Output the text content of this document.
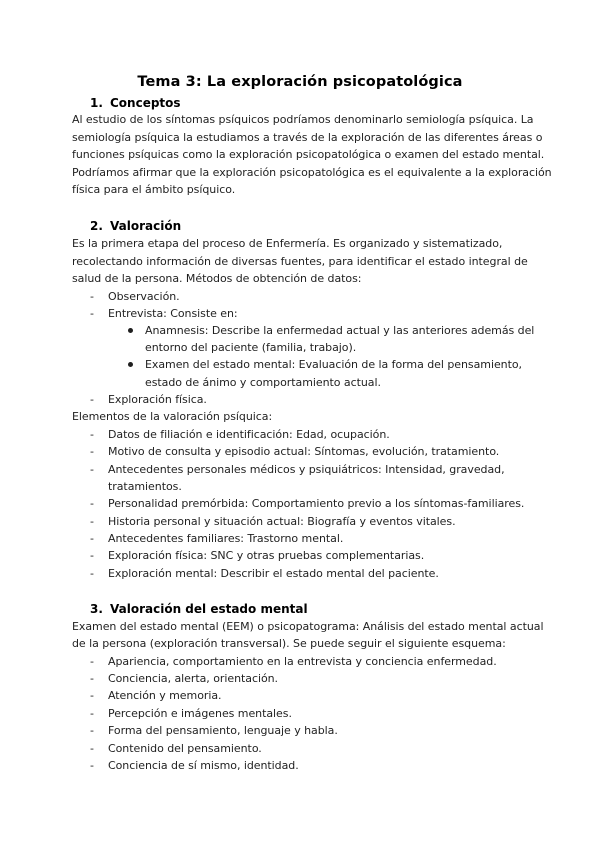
Tema 3: La exploración psicopatológica
1. Conceptos
Al estudio de los síntomas psíquicos podríamos denominarlo semiología psíquica. La
semiología psíquica la estudiamos a través de la exploración de las diferentes áreas o
funciones psíquicas como la exploración psicopatológica o examen del estado mental.
Podríamos afirmar que la exploración psicopatológica es el equivalente a la exploración
física para el ámbito psíquico.
2. Valoración
Es la primera etapa del proceso de Enfermería. Es organizado y sistematizado,
recolectando información de diversas fuentes, para identificar el estado integral de
salud de la persona. Métodos de obtención de datos:
- Observación.
- Entrevista: Consiste en:
Anamnesis: Describe la enfermedad actual y las anteriores además del
entorno del paciente (familia, trabajo).
Examen del estado mental: Evaluación de la forma del pensamiento,
estado de ánimo y comportamiento actual.
- Exploración física.
Elementos de la valoración psíquica:
- Datos de filiación e identificación: Edad, ocupación.
- Motivo de consulta y episodio actual: Síntomas, evolución, tratamiento.
- Antecedentes personales médicos y psiquiátricos: Intensidad, gravedad,
tratamientos.
- Personalidad premórbida: Comportamiento previo a los síntomas-familiares.
- Historia personal y situación actual: Biografía y eventos vitales.
- Antecedentes familiares: Trastorno mental.
- Exploración física: SNC y otras pruebas complementarias.
- Exploración mental: Describir el estado mental del paciente.
3. Valoración del estado mental
Examen del estado mental (EEM) o psicopatograma: Análisis del estado mental actual
de la persona (exploración transversal). Se puede seguir el siguiente esquema:
- Apariencia, comportamiento en la entrevista y conciencia enfermedad.
- Conciencia, alerta, orientación.
- Atención y memoria.
- Percepción e imágenes mentales.
- Forma del pensamiento, lenguaje y habla.
- Contenido del pensamiento.
- Conciencia de sí mismo, identidad.
